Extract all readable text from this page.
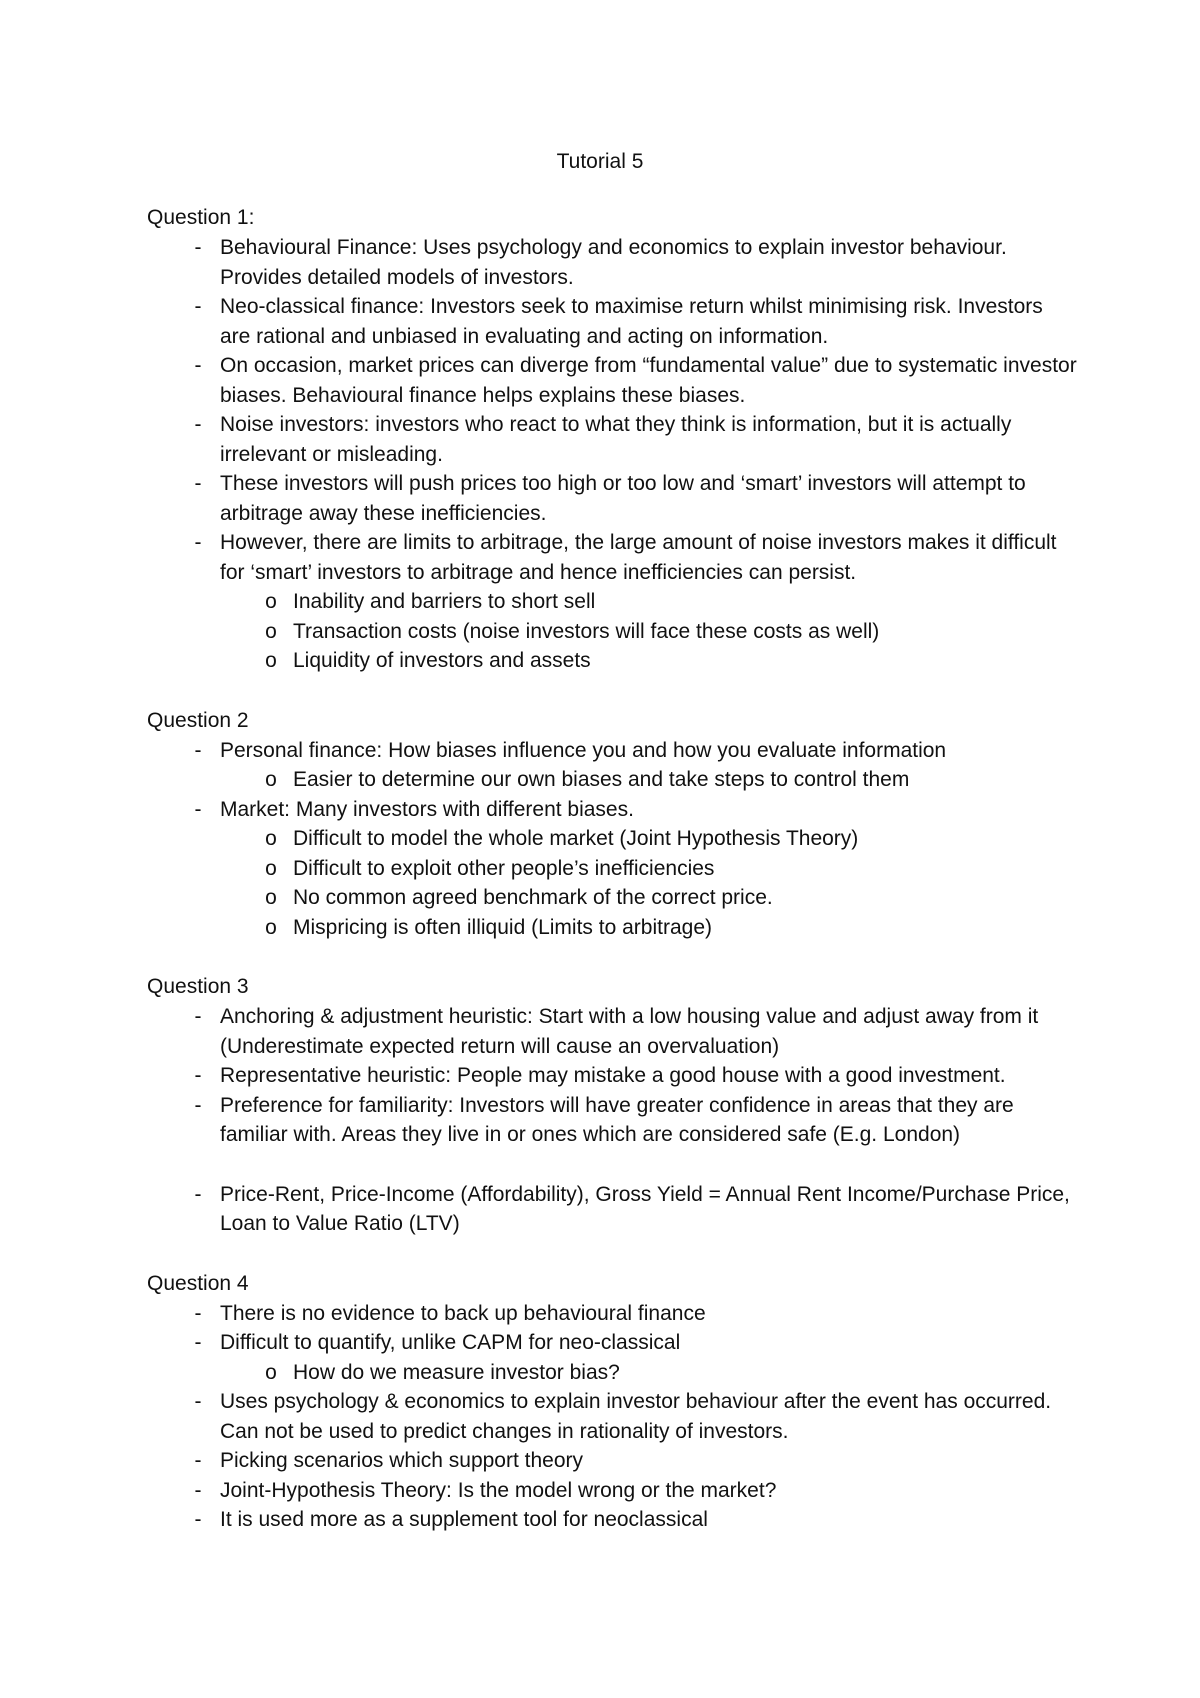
Tutorial 5
Question 1:
- Behavioural Finance: Uses psychology and economics to explain investor behaviour. Provides detailed models of investors.
- Neo-classical finance: Investors seek to maximise return whilst minimising risk. Investors are rational and unbiased in evaluating and acting on information.
- On occasion, market prices can diverge from “fundamental value” due to systematic investor biases. Behavioural finance helps explains these biases.
- Noise investors: investors who react to what they think is information, but it is actually irrelevant or misleading.
- These investors will push prices too high or too low and ‘smart’ investors will attempt to arbitrage away these inefficiencies.
- However, there are limits to arbitrage, the large amount of noise investors makes it difficult for ‘smart’ investors to arbitrage and hence inefficiencies can persist.
o Inability and barriers to short sell
o Transaction costs (noise investors will face these costs as well)
o Liquidity of investors and assets
Question 2
- Personal finance: How biases influence you and how you evaluate information
o Easier to determine our own biases and take steps to control them
- Market: Many investors with different biases.
o Difficult to model the whole market (Joint Hypothesis Theory)
o Difficult to exploit other people’s inefficiencies
o No common agreed benchmark of the correct price.
o Mispricing is often illiquid (Limits to arbitrage)
Question 3
- Anchoring & adjustment heuristic: Start with a low housing value and adjust away from it (Underestimate expected return will cause an overvaluation)
- Representative heuristic: People may mistake a good house with a good investment.
- Preference for familiarity: Investors will have greater confidence in areas that they are familiar with. Areas they live in or ones which are considered safe (E.g. London)
- Price-Rent, Price-Income (Affordability), Gross Yield = Annual Rent Income/Purchase Price, Loan to Value Ratio (LTV)
Question 4
- There is no evidence to back up behavioural finance
- Difficult to quantify, unlike CAPM for neo-classical
o How do we measure investor bias?
- Uses psychology & economics to explain investor behaviour after the event has occurred. Can not be used to predict changes in rationality of investors.
- Picking scenarios which support theory
- Joint-Hypothesis Theory: Is the model wrong or the market?
- It is used more as a supplement tool for neoclassical
